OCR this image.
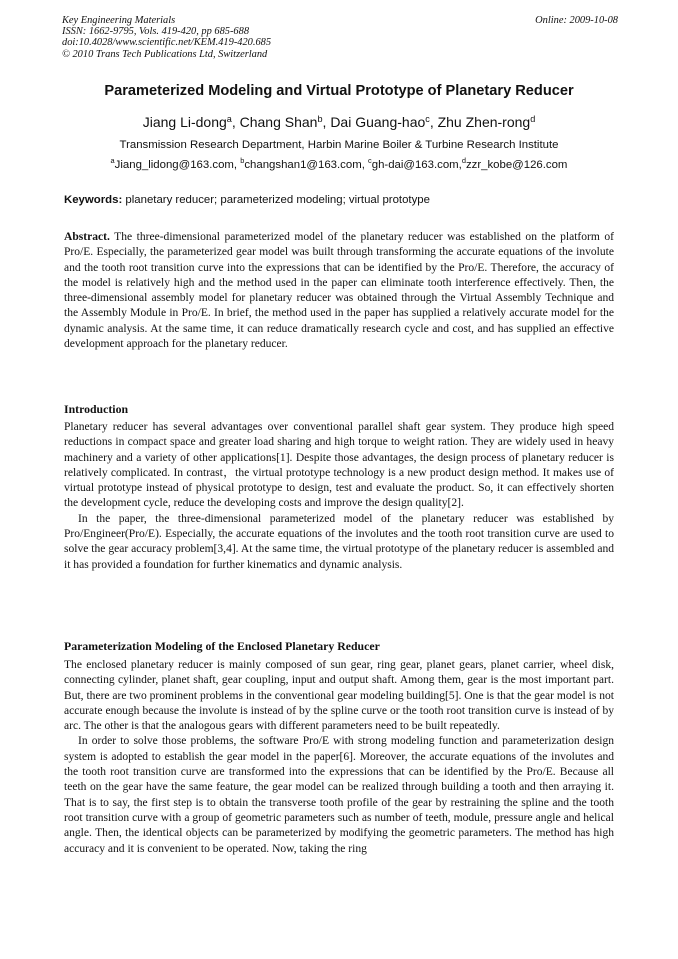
Key Engineering Materials
ISSN: 1662-9795, Vols. 419-420, pp 685-688
doi:10.4028/www.scientific.net/KEM.419-420.685
© 2010 Trans Tech Publications Ltd, Switzerland
Online: 2009-10-08
Parameterized Modeling and Virtual Prototype of Planetary Reducer
Jiang Li-dong$^a$, Chang Shan$^b$, Dai Guang-hao$^c$, Zhu Zhen-rong$^d$
Transmission Research Department, Harbin Marine Boiler & Turbine Research Institute
$^a$Jiang_lidong@163.com, $^b$changshan1@163.com, $^c$gh-dai@163.com,$^d$zzr_kobe@126.com
Keywords: planetary reducer; parameterized modeling; virtual prototype

Abstract. The three-dimensional parameterized model of the planetary reducer was established on the platform of Pro/E. Especially, the parameterized gear model was built through transforming the accurate equations of the involute and the tooth root transition curve into the expressions that can be identified by the Pro/E. Therefore, the accuracy of the model is relatively high and the method used in the paper can eliminate tooth interference effectively. Then, the three-dimensional assembly model for planetary reducer was obtained through the Virtual Assembly Technique and the Assembly Module in Pro/E. In brief, the method used in the paper has supplied a relatively accurate model for the dynamic analysis. At the same time, it can reduce dramatically research cycle and cost, and has supplied an effective development approach for the planetary reducer.

Introduction

Planetary reducer has several advantages over conventional parallel shaft gear system. They produce high speed reductions in compact space and greater load sharing and high torque to weight ration. They are widely used in heavy machinery and a variety of other applications[1]. Despite those advantages, the design process of planetary reducer is relatively complicated. In contrast，the virtual prototype technology is a new product design method. It makes use of virtual prototype instead of physical prototype to design, test and evaluate the product. So, it can effectively shorten the development cycle, reduce the developing costs and improve the design quality[2].

In the paper, the three-dimensional parameterized model of the planetary reducer was established by Pro/Engineer(Pro/E). Especially, the accurate equations of the involutes and the tooth root transition curve are used to solve the gear accuracy problem[3,4]. At the same time, the virtual prototype of the planetary reducer is assembled and it has provided a foundation for further kinematics and dynamic analysis.

Parameterization Modeling of the Enclosed Planetary Reducer

The enclosed planetary reducer is mainly composed of sun gear, ring gear, planet gears, planet carrier, wheel disk, connecting cylinder, planet shaft, gear coupling, input and output shaft. Among them, gear is the most important part. But, there are two prominent problems in the conventional gear modeling building[5]. One is that the gear model is not accurate enough because the involute is instead of by the spline curve or the tooth root transition curve is instead of by arc. The other is that the analogous gears with different parameters need to be built repeatedly.

In order to solve those problems, the software Pro/E with strong modeling function and parameterization design system is adopted to establish the gear model in the paper[6]. Moreover, the accurate equations of the involutes and the tooth root transition curve are transformed into the expressions that can be identified by the Pro/E. Because all teeth on the gear have the same feature, the gear model can be realized through building a tooth and then arraying it. That is to say, the first step is to obtain the transverse tooth profile of the gear by restraining the spline and the tooth root transition curve with a group of geometric parameters such as number of teeth, module, pressure angle and helical angle. Then, the identical objects can be parameterized by modifying the geometric parameters. The method has high accuracy and it is convenient to be operated. Now, taking the ring
